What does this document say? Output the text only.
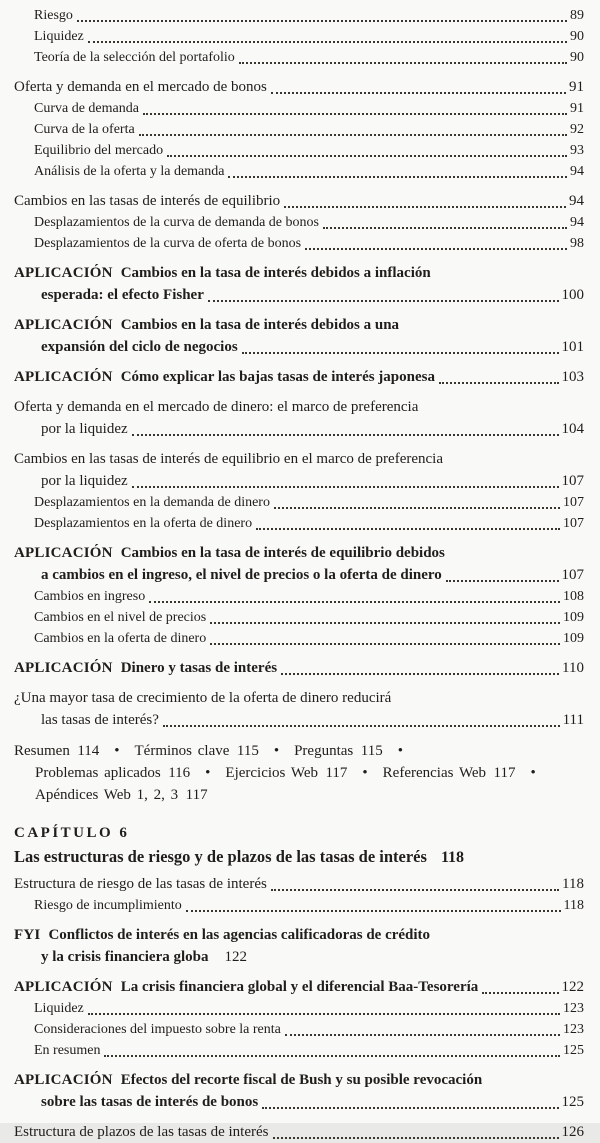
Riesgo	89
Liquidez	90
Teoría de la selección del portafolio	90
Oferta y demanda en el mercado de bonos	91
Curva de demanda	91
Curva de la oferta	92
Equilibrio del mercado	93
Análisis de la oferta y la demanda	94
Cambios en las tasas de interés de equilibrio	94
Desplazamientos de la curva de demanda de bonos	94
Desplazamientos de la curva de oferta de bonos	98
APLICACIÓN Cambios en la tasa de interés debidos a inflación
esperada: el efecto Fisher	100
APLICACIÓN Cambios en la tasa de interés debidos a una
expansión del ciclo de negocios	101
APLICACIÓN Cómo explicar las bajas tasas de interés japonesa	103
Oferta y demanda en el mercado de dinero: el marco de preferencia
por la liquidez	104
Cambios en las tasas de interés de equilibrio en el marco de preferencia
por la liquidez	107
Desplazamientos en la demanda de dinero	107
Desplazamientos en la oferta de dinero	107
APLICACIÓN Cambios en la tasa de interés de equilibrio debidos
a cambios en el ingreso, el nivel de precios o la oferta de dinero	107
Cambios en ingreso	108
Cambios en el nivel de precios	109
Cambios en la oferta de dinero	109
APLICACIÓN Dinero y tasas de interés	110
¿Una mayor tasa de crecimiento de la oferta de dinero reducirá
las tasas de interés?	111
Resumen 114  •  Términos clave 115  •  Preguntas 115  •
Problemas aplicados 116  •  Ejercicios Web 117  •  Referencias Web 117  •
Apéndices Web 1, 2, 3 117
CAPÍTULO 6
Las estructuras de riesgo y de plazos de las tasas de interés 118
Estructura de riesgo de las tasas de interés	118
Riesgo de incumplimiento	118
FYI Conflictos de interés en las agencias calificadoras de crédito
y la crisis financiera globa 122
APLICACIÓN La crisis financiera global y el diferencial Baa-Tesorería	122
Liquidez	123
Consideraciones del impuesto sobre la renta	123
En resumen	125
APLICACIÓN Efectos del recorte fiscal de Bush y su posible revocación
sobre las tasas de interés de bonos	125
Estructura de plazos de las tasas de interés	126
